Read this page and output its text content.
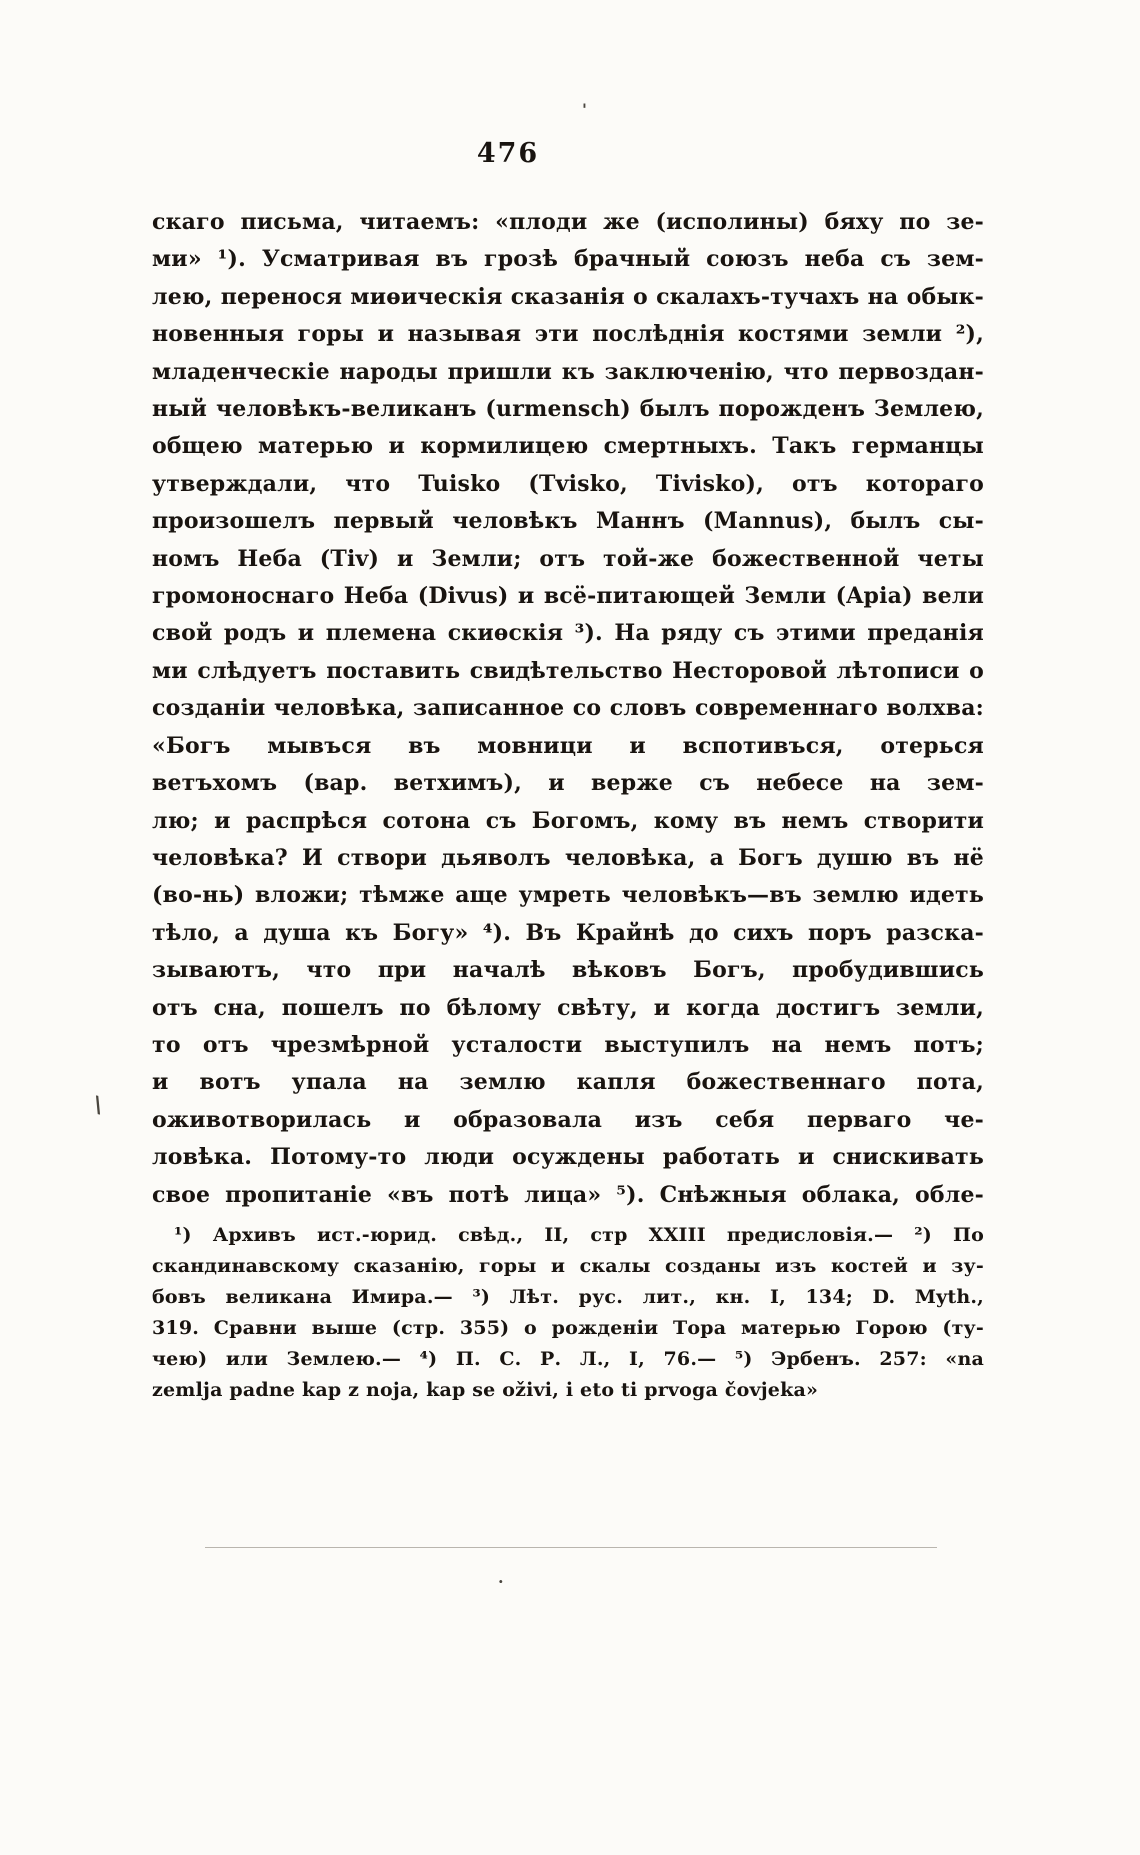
'
476
скаго письма, читаемъ: «плоди же (исполины) бяху по зе-
ми» ¹). Усматривая въ грозѣ брачный союзъ неба съ зем-
лею, перенося миѳическія сказанія о скалахъ-тучахъ на обык-
новенныя горы и называя эти послѣднія костями земли ²),
младенческіе народы пришли къ заключенію, что первоздан-
ный человѣкъ-великанъ (urmensch) былъ порожденъ Землею,
общею матерью и кормилицею смертныхъ. Такъ германцы
утверждали, что Tuisko (Tvisko, Tivisko), отъ котораго
произошелъ первый человѣкъ Маннъ (Mannus), былъ сы-
номъ Неба (Tiv) и Земли; отъ той-же божественной четы
громоноснаго Неба (Divus) и всё-питающей Земли (Apia) вели
свой родъ и племена скиѳскія ³). На ряду съ этими преданія
ми слѣдуетъ поставить свидѣтельство Несторовой лѣтописи о
созданіи человѣка, записанное со словъ современнаго волхва:
«Богъ мывъся въ мовници и вспотивъся, отерься
ветъхомъ (вар. ветхимъ), и верже съ небесе на зем-
лю; и распрѣся сотона съ Богомъ, кому въ немъ створити
человѣка? И створи дьяволъ человѣка, а Богъ душю въ нё
(во-нь) вложи; тѣмже аще умреть человѣкъ—въ землю идеть
тѣло, а душа къ Богу» ⁴). Въ Крайнѣ до сихъ поръ разска-
зываютъ, что при началѣ вѣковъ Богъ, пробудившись
отъ сна, пошелъ по бѣлому свѣту, и когда достигъ земли,
то отъ чрезмѣрной усталости выступилъ на немъ потъ;
и вотъ упала на землю капля божественнаго пота,
оживотворилась и образовала изъ себя перваго че-
ловѣка. Потому-то люди осуждены работать и снискивать
свое пропитаніе «въ потѣ лица» ⁵). Снѣжныя облака, обле-
\
¹) Архивъ ист.-юрид. свѣд., II, стр XXIII предисловія.— ²) По
скандинавскому сказанію, горы и скалы созданы изъ костей и зу-
бовъ великана Имира.— ³) Лѣт. рус. лит., кн. I, 134; D. Myth.,
319. Сравни выше (стр. 355) о рожденіи Тора матерью Горою (ту-
чею) или Землею.— ⁴) П. С. Р. Л., I, 76.— ⁵) Эрбенъ. 257: «na
zemlja padne kap z noja, kap se oživi, i eto ti prvoga čovjeka»
.
